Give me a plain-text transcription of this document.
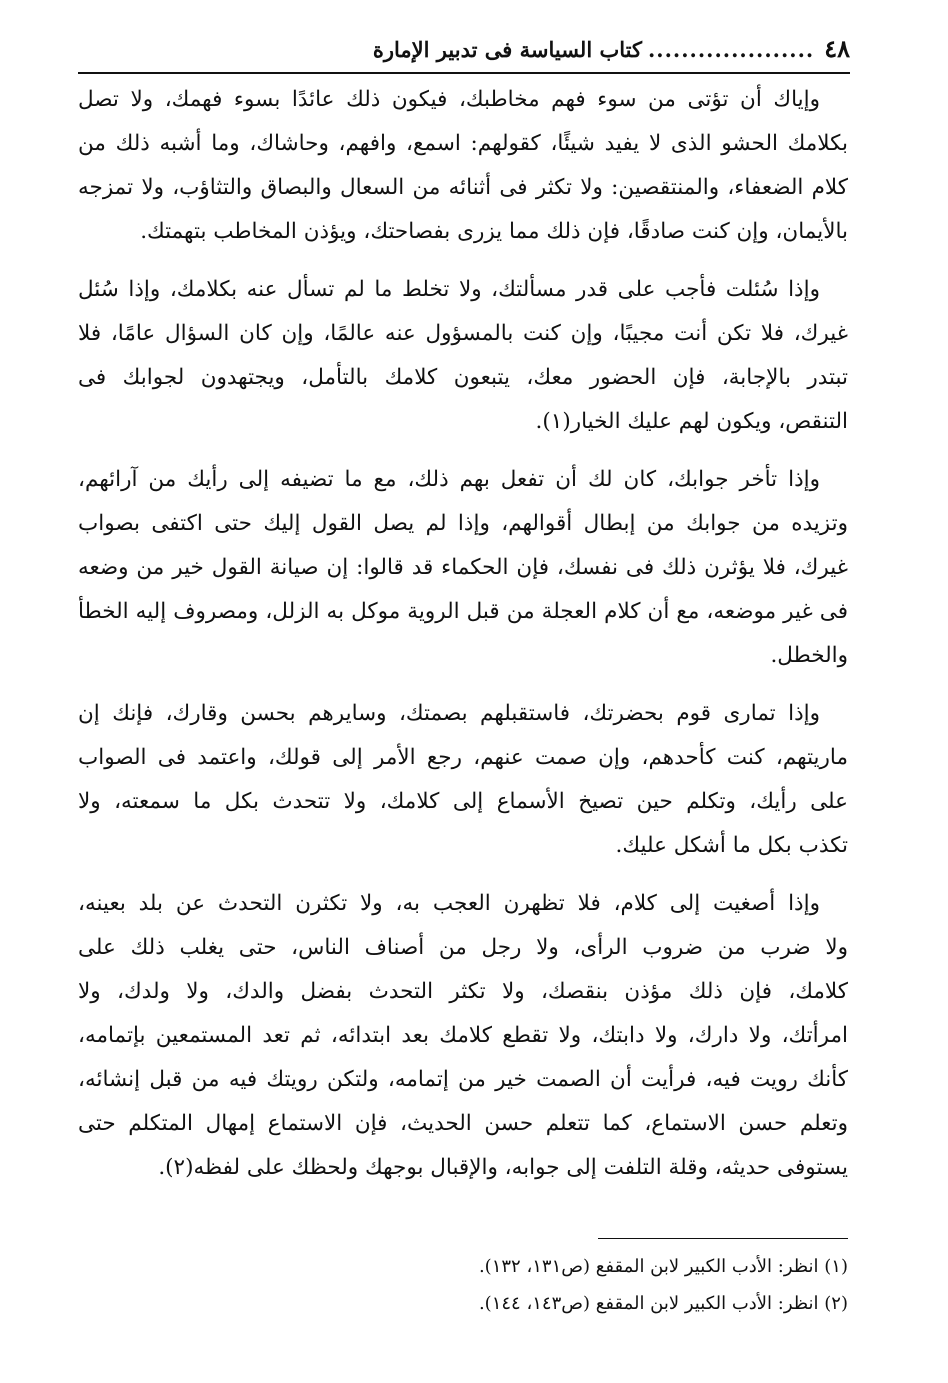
٤٨
....................
كتاب السياسة فى تدبير الإمارة
وإياك أن تؤتى من سوء فهم مخاطبك، فيكون ذلك عائدًا بسوء فهمك، ولا تصل
بكلامك الحشو الذى لا يفيد شيئًا، كقولهم: اسمع، وافهم، وحاشاك، وما أشبه ذلك من
كلام الضعفاء، والمنتقصين: ولا تكثر فى أثنائه من السعال والبصاق والتثاؤب، ولا تمزجه
بالأيمان، وإن كنت صادقًا، فإن ذلك مما يزرى بفصاحتك، ويؤذن المخاطب بتهمتك.
وإذا سُئلت فأجب على قدر مسألتك، ولا تخلط ما لم تسأل عنه بكلامك، وإذا سُئل
غيرك، فلا تكن أنت مجيبًا، وإن كنت بالمسؤول عنه عالمًا، وإن كان السؤال عامًا، فلا
تبتدر بالإجابة، فإن الحضور معك، يتبعون كلامك بالتأمل، ويجتهدون لجوابك فى
التنقص، ويكون لهم عليك الخيار(١).
وإذا تأخر جوابك، كان لك أن تفعل بهم ذلك، مع ما تضيفه إلى رأيك من آرائهم،
وتزيده من جوابك من إبطال أقوالهم، وإذا لم يصل القول إليك حتى اكتفى بصواب
غيرك، فلا يؤثرن ذلك فى نفسك، فإن الحكماء قد قالوا: إن صيانة القول خير من وضعه
فى غير موضعه، مع أن كلام العجلة من قبل الروية موكل به الزلل، ومصروف إليه الخطأ
والخطل.
وإذا تمارى قوم بحضرتك، فاستقبلهم بصمتك، وسايرهم بحسن وقارك، فإنك إن
ماريتهم، كنت كأحدهم، وإن صمت عنهم، رجع الأمر إلى قولك، واعتمد فى الصواب
على رأيك، وتكلم حين تصيخ الأسماع إلى كلامك، ولا تتحدث بكل ما سمعته، ولا
تكذب بكل ما أشكل عليك.
وإذا أصغيت إلى كلام، فلا تظهرن العجب به، ولا تكثرن التحدث عن بلد بعينه،
ولا ضرب من ضروب الرأى، ولا رجل من أصناف الناس، حتى يغلب ذلك على
كلامك، فإن ذلك مؤذن بنقصك، ولا تكثر التحدث بفضل والدك، ولا ولدك، ولا
امرأتك، ولا دارك، ولا دابتك، ولا تقطع كلامك بعد ابتدائه، ثم تعد المستمعين بإتمامه،
كأنك رويت فيه، فرأيت أن الصمت خير من إتمامه، ولتكن رويتك فيه من قبل إنشائه،
وتعلم حسن الاستماع، كما تتعلم حسن الحديث، فإن الاستماع إمهال المتكلم حتى
يستوفى حديثه، وقلة التلفت إلى جوابه، والإقبال بوجهك ولحظك على لفظه(٢).
(١) انظر: الأدب الكبير لابن المقفع (ص١٣١، ١٣٢).
(٢) انظر: الأدب الكبير لابن المقفع (ص١٤٣، ١٤٤).
